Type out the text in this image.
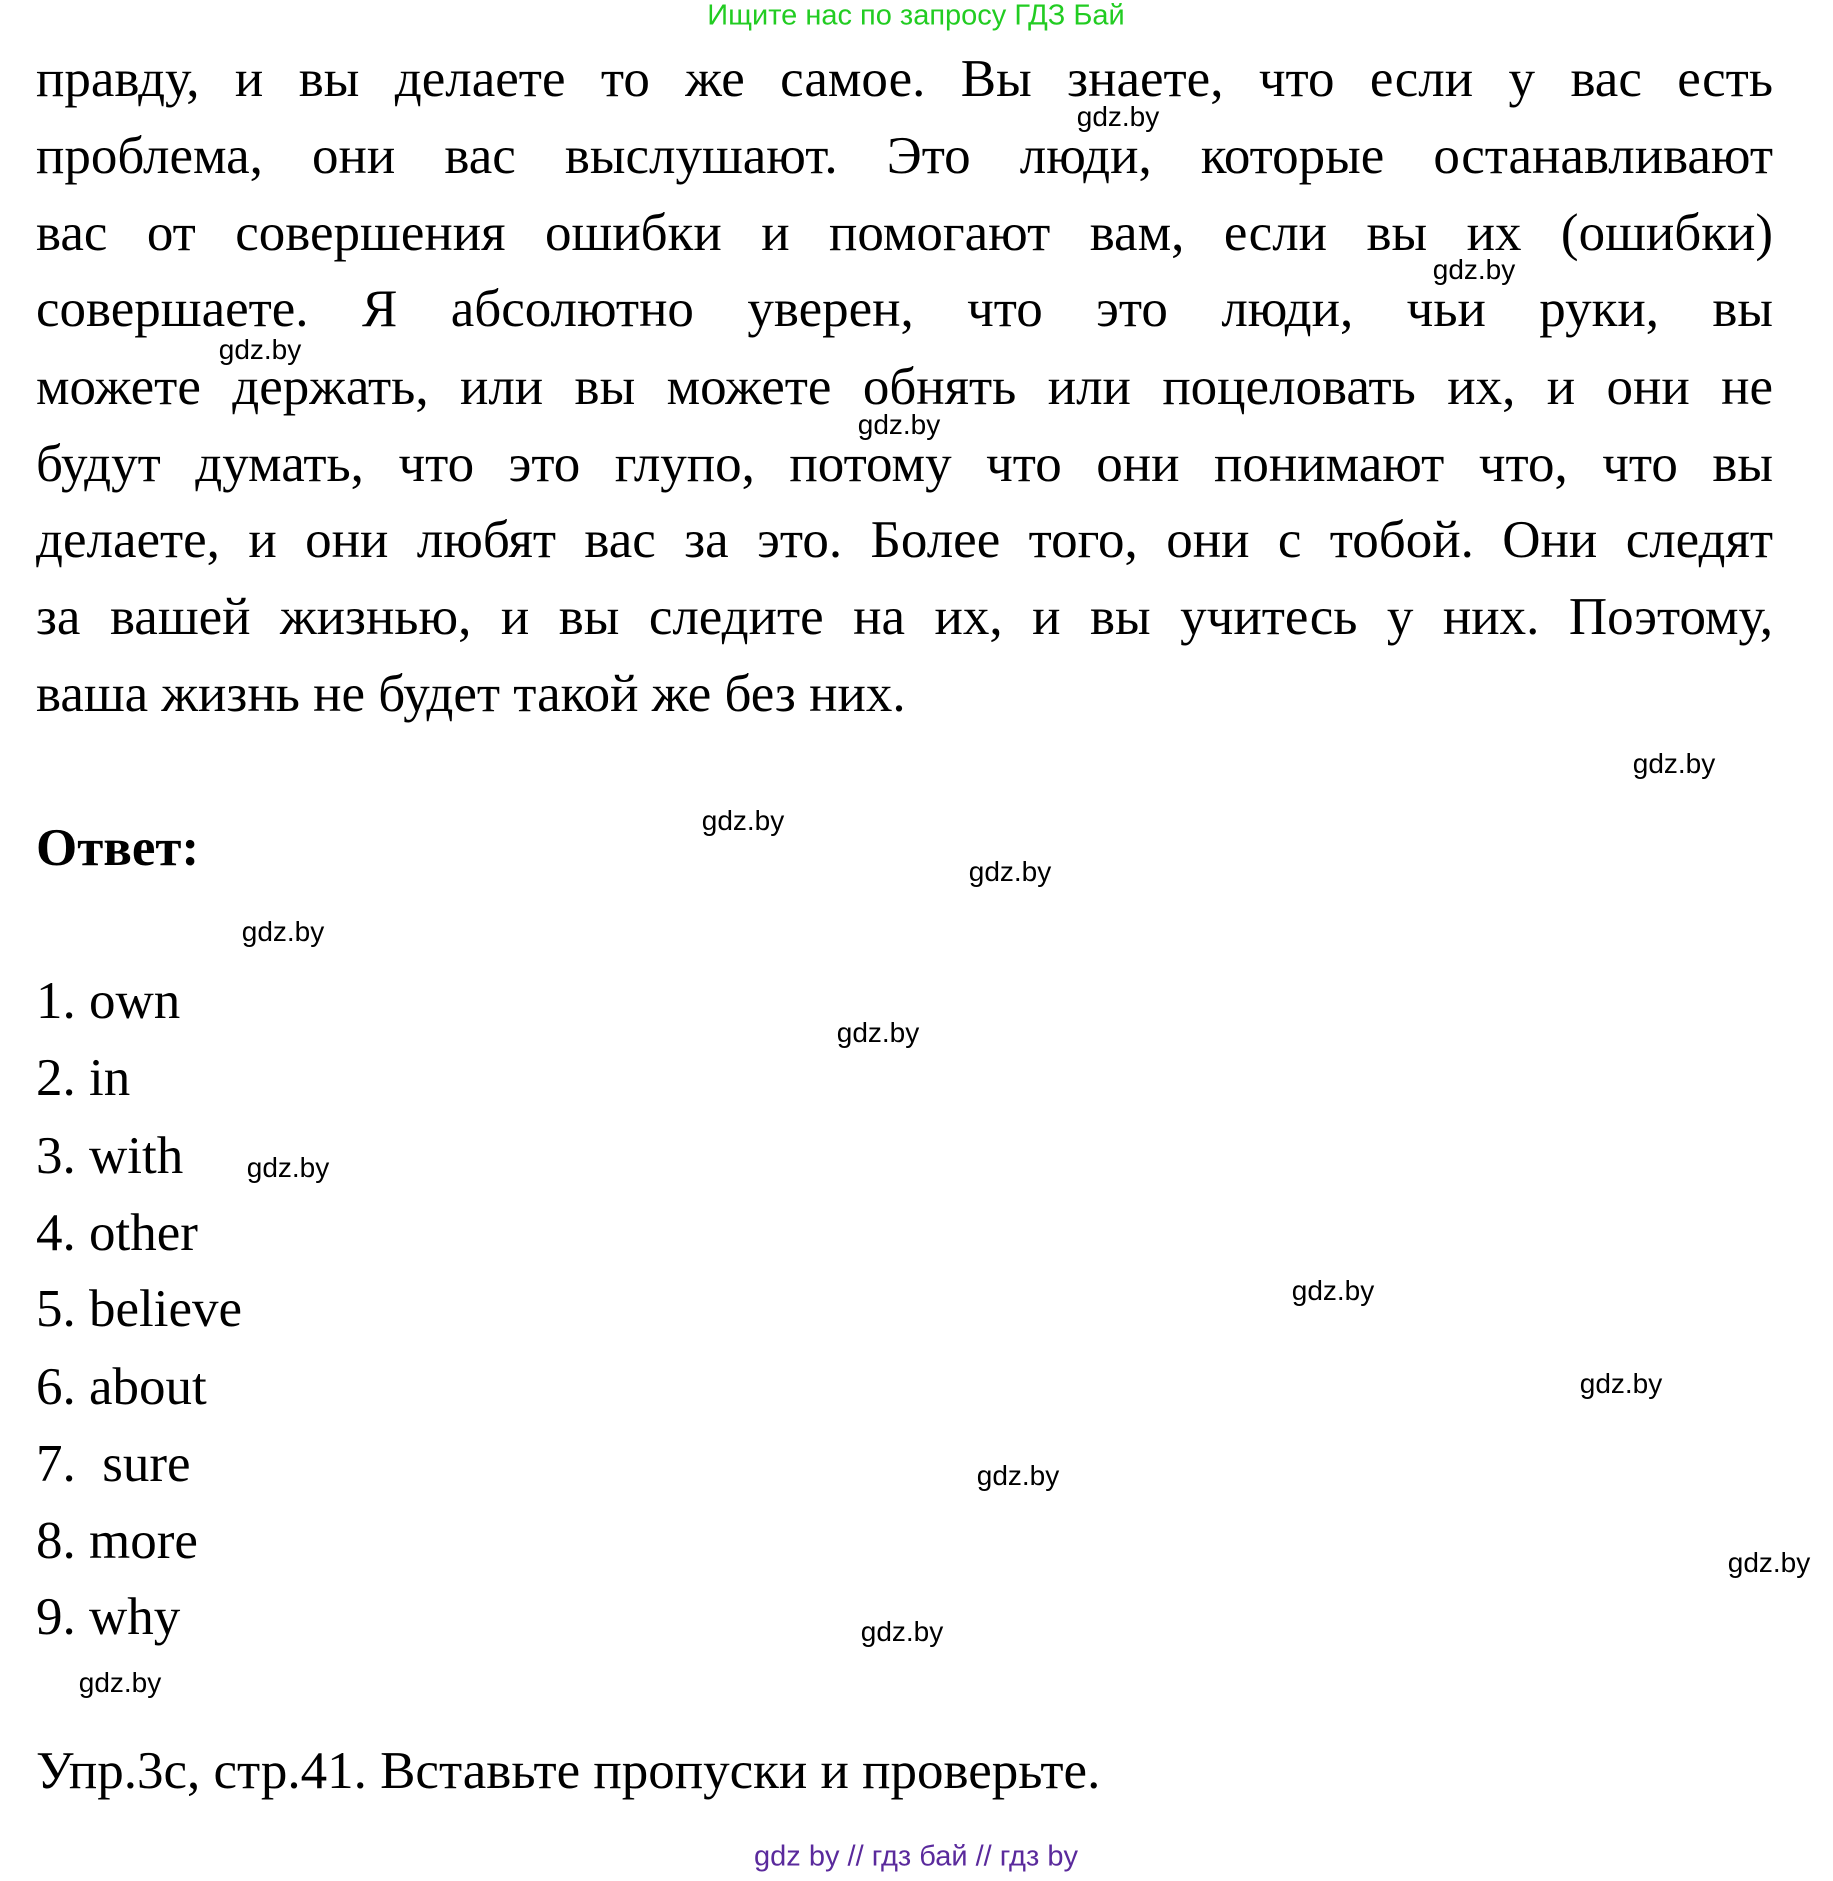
Ищите нас по запросу ГДЗ Бай
правду, и вы делаете то же самое. Вы знаете, что если у вас есть
проблема, они вас выслушают. Это люди, которые останавливают
вас от совершения ошибки и помогают вам, если вы их (ошибки)
совершаете. Я абсолютно уверен, что это люди, чьи руки, вы
можете держать, или вы можете обнять или поцеловать их, и они не
будут думать, что это глупо, потому что они понимают что, что вы
делаете, и они любят вас за это. Более того, они с тобой. Они следят
за вашей жизнью, и вы следите на их, и вы учитесь у них. Поэтому,
ваша жизнь не будет такой же без них.
Ответ:
1. own
2. in
3. with
4. other
5. believe
6. about
7.  sure
8. more
9. why
Упр.3с, стр.41. Вставьте пропуски и проверьте.
gdz.by
gdz.by
gdz.by
gdz.by
gdz.by
gdz.by
gdz.by
gdz.by
gdz.by
gdz.by
gdz.by
gdz.by
gdz.by
gdz.by
gdz.by
gdz.by
gdz by // гдз бай // гдз by
